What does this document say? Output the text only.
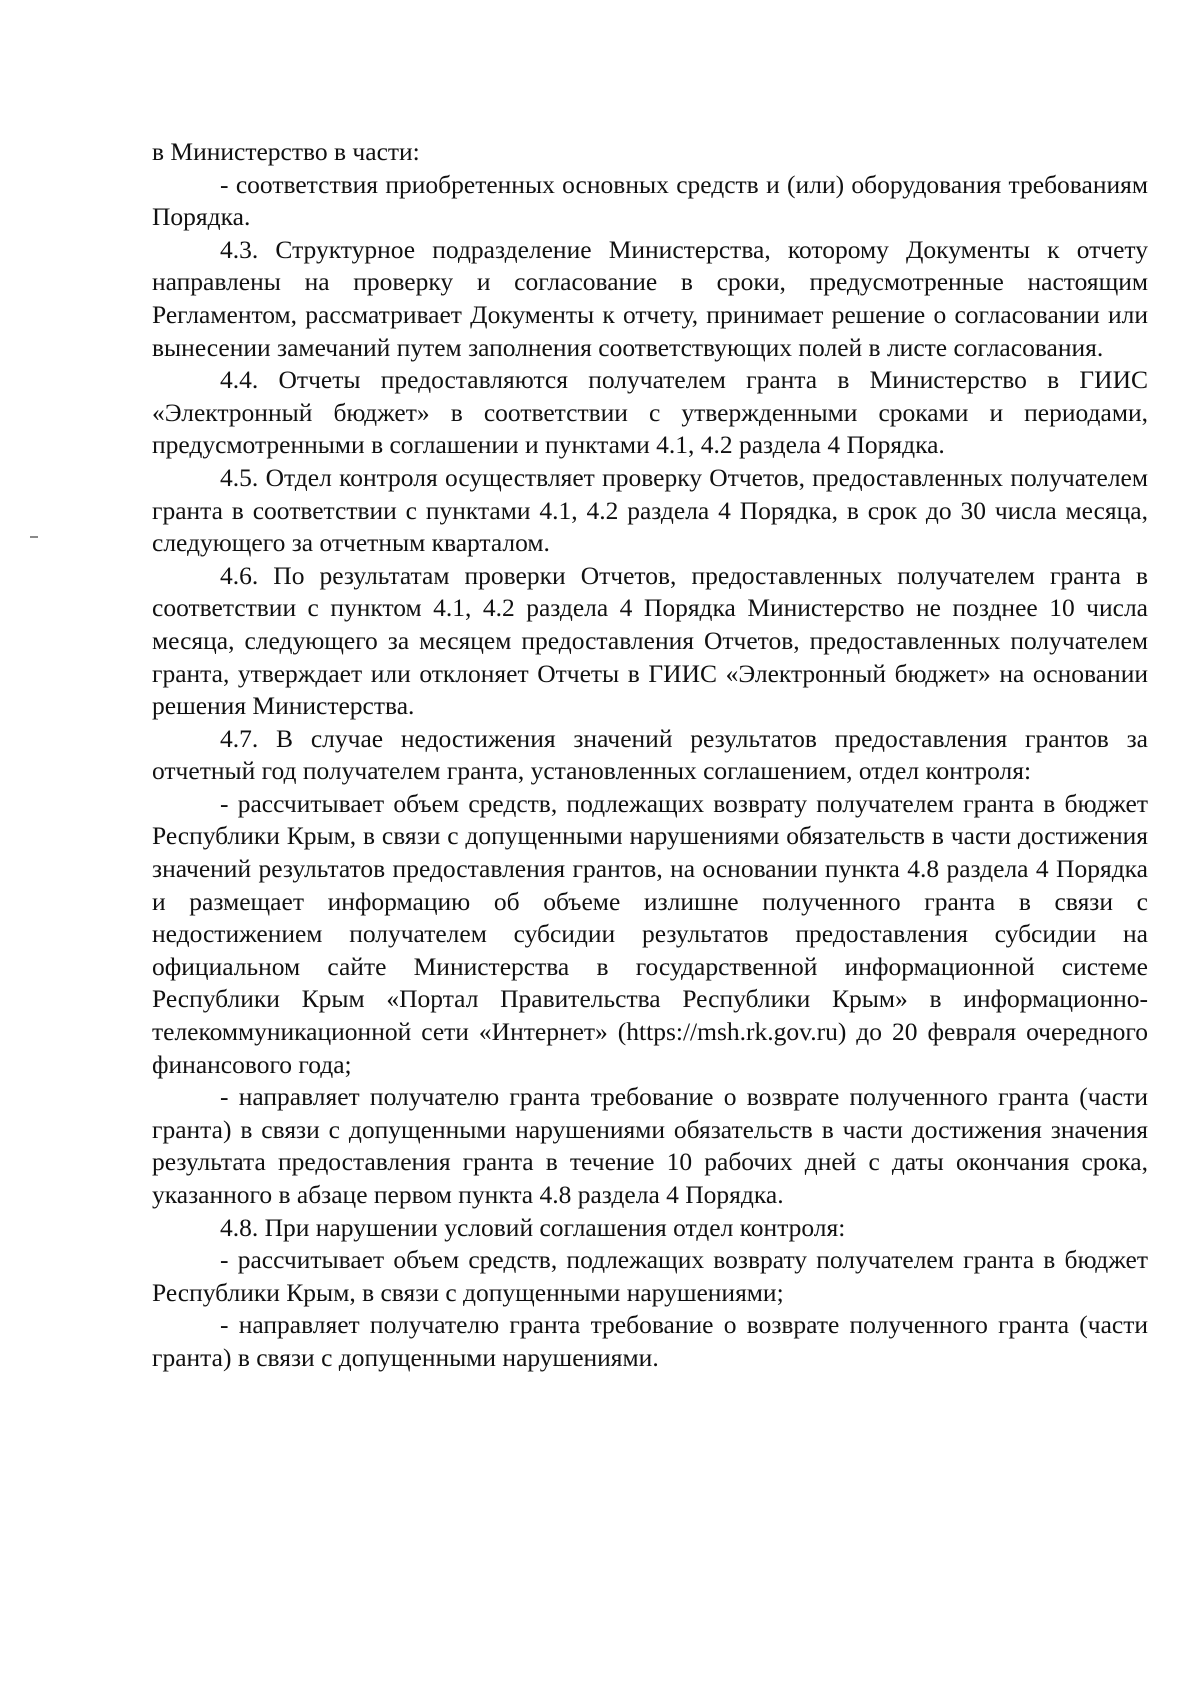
в Министерство в части:

- соответствия приобретенных основных средств и (или) оборудования требованиям Порядка.

4.3. Структурное подразделение Министерства, которому Документы к отчету направлены на проверку и согласование в сроки, предусмотренные настоящим Регламентом, рассматривает Документы к отчету, принимает решение о согласовании или вынесении замечаний путем заполнения соответствующих полей в листе согласования.

4.4. Отчеты предоставляются получателем гранта в Министерство в ГИИС «Электронный бюджет» в соответствии с утвержденными сроками и периодами, предусмотренными в соглашении и пунктами 4.1, 4.2 раздела 4 Порядка.

4.5. Отдел контроля осуществляет проверку Отчетов, предоставленных получателем гранта в соответствии с пунктами 4.1, 4.2 раздела 4 Порядка, в срок до 30 числа месяца, следующего за отчетным кварталом.

4.6. По результатам проверки Отчетов, предоставленных получателем гранта в соответствии с пунктом 4.1, 4.2 раздела 4 Порядка Министерство не позднее 10 числа месяца, следующего за месяцем предоставления Отчетов, предоставленных получателем гранта, утверждает или отклоняет Отчеты в ГИИС «Электронный бюджет» на основании решения Министерства.

4.7. В случае недостижения значений результатов предоставления грантов за отчетный год получателем гранта, установленных соглашением, отдел контроля:

- рассчитывает объем средств, подлежащих возврату получателем гранта в бюджет Республики Крым, в связи с допущенными нарушениями обязательств в части достижения значений результатов предоставления грантов, на основании пункта 4.8 раздела 4 Порядка и размещает информацию об объеме излишне полученного гранта в связи с недостижением получателем субсидии результатов предоставления субсидии на официальном сайте Министерства в государственной информационной системе Республики Крым «Портал Правительства Республики Крым» в информационно-телекоммуникационной сети «Интернет» (https://msh.rk.gov.ru) до 20 февраля очередного финансового года;

- направляет получателю гранта требование о возврате полученного гранта (части гранта) в связи с допущенными нарушениями обязательств в части достижения значения результата предоставления гранта в течение 10 рабочих дней с даты окончания срока, указанного в абзаце первом пункта 4.8 раздела 4 Порядка.

4.8. При нарушении условий соглашения отдел контроля:

- рассчитывает объем средств, подлежащих возврату получателем гранта в бюджет Республики Крым, в связи с допущенными нарушениями;

- направляет получателю гранта требование о возврате полученного гранта (части гранта) в связи с допущенными нарушениями.
